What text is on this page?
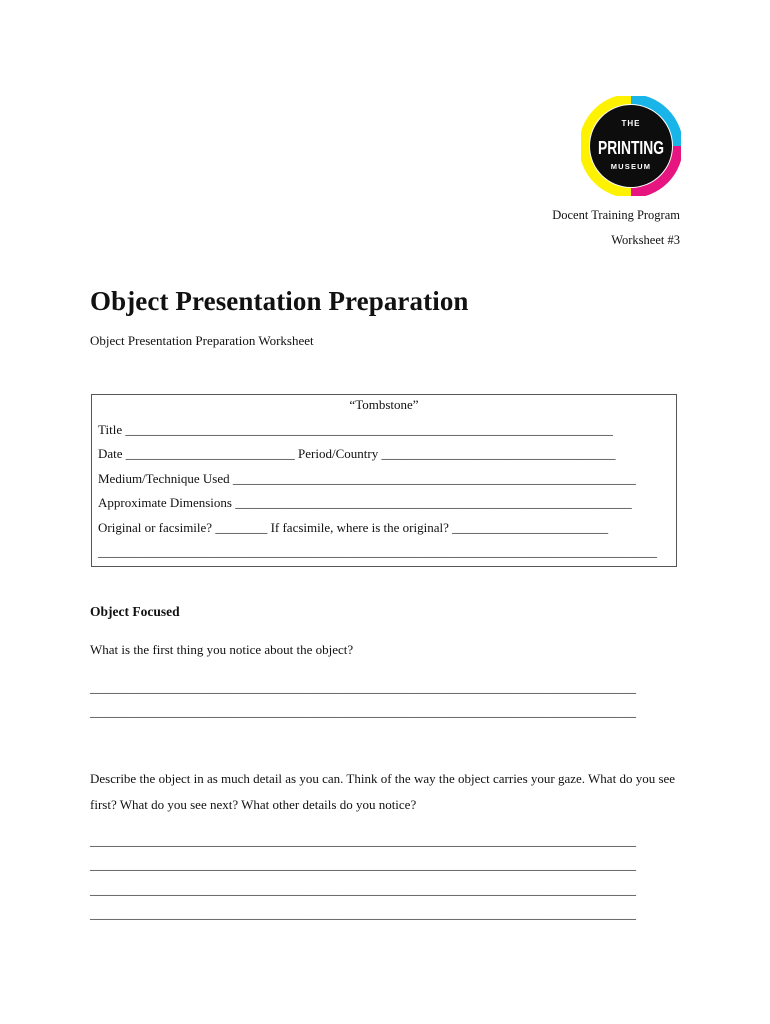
THE
PRINTING
MUSEUM
Docent Training Program
Worksheet #3
Object Presentation Preparation
Object Presentation Preparation Worksheet
“Tombstone”
Title ___________________________________________________________________________
Date __________________________ Period/Country ____________________________________
Medium/Technique Used ______________________________________________________________
Approximate Dimensions _____________________________________________________________
Original or facsimile? ________ If facsimile, where is the original? ________________________
______________________________________________________________________________________
Object Focused
What is the first thing you notice about the object?
____________________________________________________________________________________
____________________________________________________________________________________
Describe the object in as much detail as you can. Think of the way the object carries your gaze. What do you see first? What do you see next? What other details do you notice?
____________________________________________________________________________________
____________________________________________________________________________________
____________________________________________________________________________________
____________________________________________________________________________________
